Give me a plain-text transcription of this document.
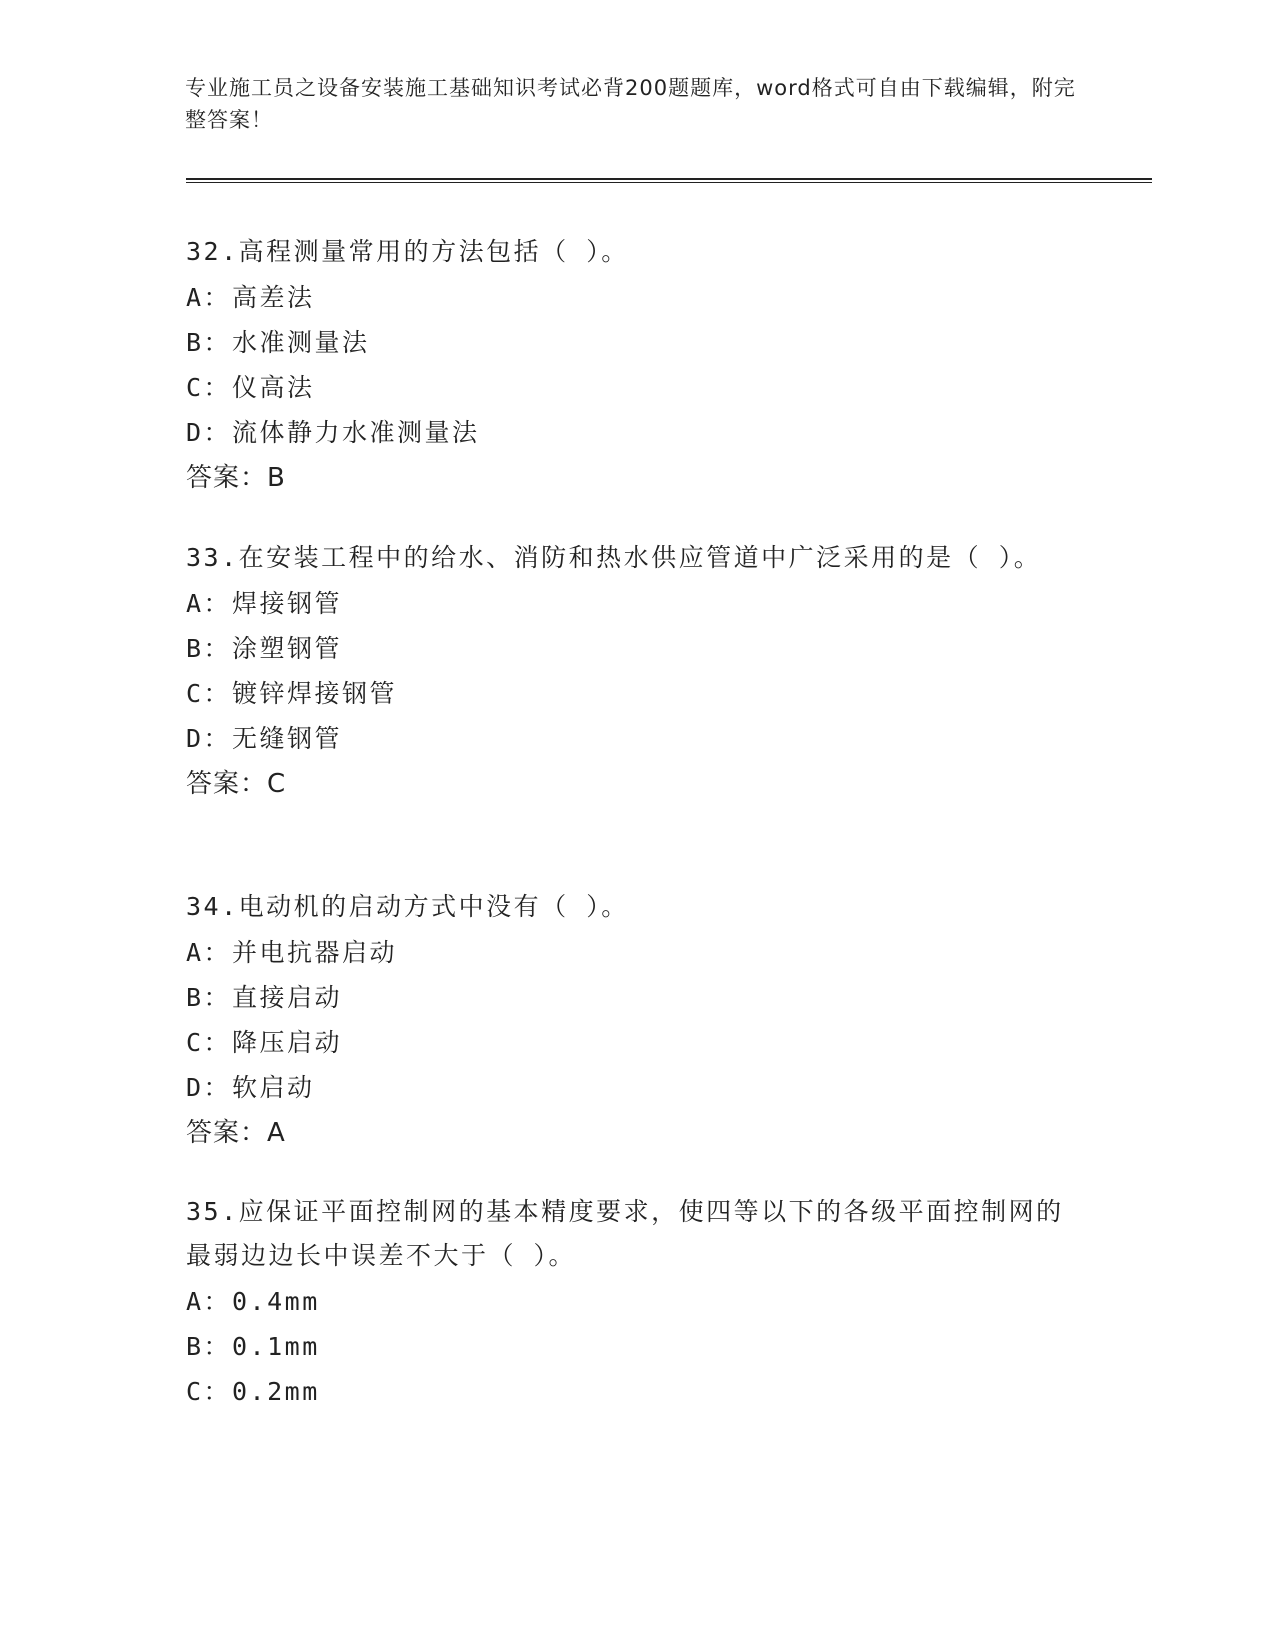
专业施工员之设备安装施工基础知识考试必背200题题库，word格式可自由下载编辑，附完整答案！
32.高程测量常用的方法包括（ ）。
A： 高差法
B： 水准测量法
C： 仪高法
D： 流体静力水准测量法
答案：B
33.在安装工程中的给水、消防和热水供应管道中广泛采用的是（ ）。
A： 焊接钢管
B： 涂塑钢管
C： 镀锌焊接钢管
D： 无缝钢管
答案：C
34.电动机的启动方式中没有（ ）。
A： 并电抗器启动
B： 直接启动
C： 降压启动
D： 软启动
答案：A
35.应保证平面控制网的基本精度要求，使四等以下的各级平面控制网的最弱边边长中误差不大于（ ）。
A： 0.4mm
B： 0.1mm
C： 0.2mm
